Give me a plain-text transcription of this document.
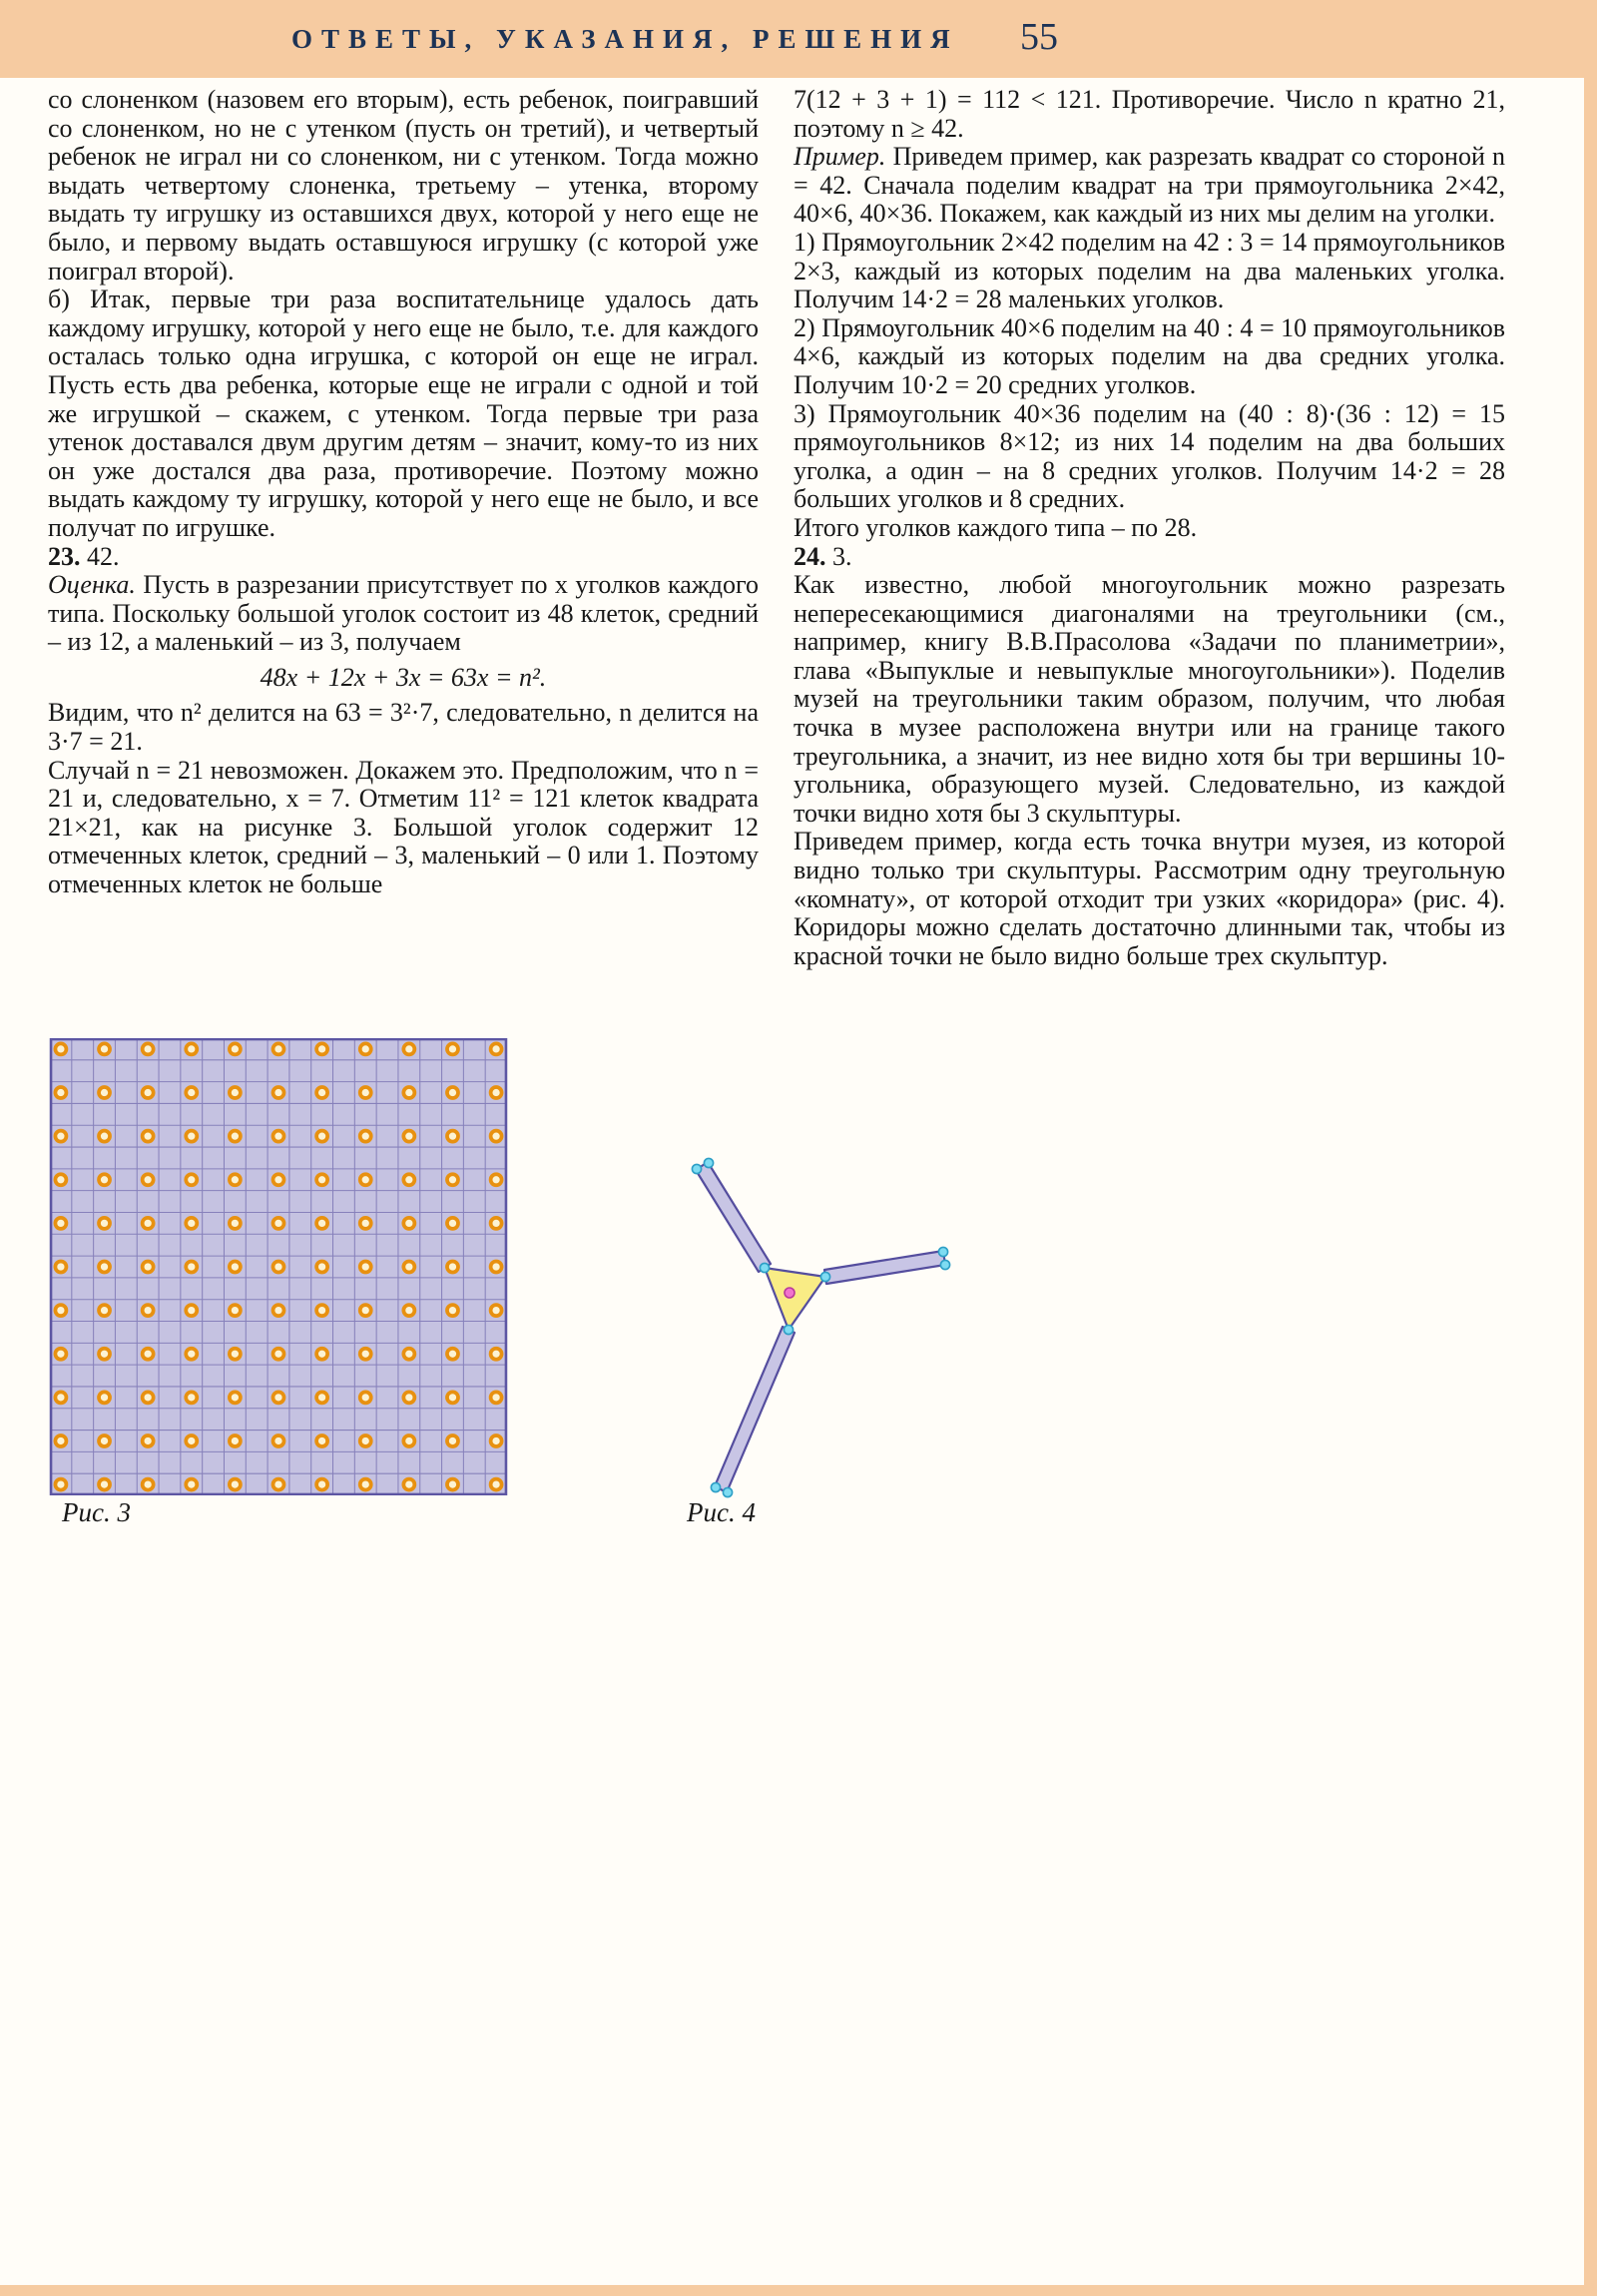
ОТВЕТЫ, УКАЗАНИЯ, РЕШЕНИЯ 55

со слоненком (назовем его вторым), есть ребенок, поигравший со слоненком, но не с утенком (пусть он третий), и четвертый ребенок не играл ни со слоненком, ни с утенком. Тогда можно выдать четвертому слоненка, третьему – утенка, второму выдать ту игрушку из оставшихся двух, которой у него еще не было, и первому выдать оставшуюся игрушку (с которой уже поиграл второй).

б) Итак, первые три раза воспитательнице удалось дать каждому игрушку, которой у него еще не было, т.е. для каждого осталась только одна игрушка, с которой он еще не играл. Пусть есть два ребенка, которые еще не играли с одной и той же игрушкой – скажем, с утенком. Тогда первые три раза утенок доставался двум другим детям – значит, кому-то из них он уже достался два раза, противоречие. Поэтому можно выдать каждому ту игрушку, которой у него еще не было, и все получат по игрушке.

23. 42.

Оценка. Пусть в разрезании присутствует по x уголков каждого типа. Поскольку большой уголок состоит из 48 клеток, средний – из 12, а маленький – из 3, получаем

48x + 12x + 3x = 63x = n².

Видим, что n² делится на 63 = 3²·7, следовательно, n делится на 3·7 = 21.

Случай n = 21 невозможен. Докажем это. Предположим, что n = 21 и, следовательно, x = 7. Отметим 11² = 121 клеток квадрата 21×21, как на рисунке 3. Большой уголок содержит 12 отмеченных клеток, средний – 3, маленький – 0 или 1. Поэтому отмеченных клеток не больше

7(12 + 3 + 1) = 112 < 121. Противоречие. Число n кратно 21, поэтому n ≥ 42.

Пример. Приведем пример, как разрезать квадрат со стороной n = 42. Сначала поделим квадрат на три прямоугольника 2×42, 40×6, 40×36. Покажем, как каждый из них мы делим на уголки.

1) Прямоугольник 2×42 поделим на 42 : 3 = 14 прямоугольников 2×3, каждый из которых поделим на два маленьких уголка. Получим 14·2 = 28 маленьких уголков.

2) Прямоугольник 40×6 поделим на 40 : 4 = 10 прямоугольников 4×6, каждый из которых поделим на два средних уголка. Получим 10·2 = 20 средних уголков.

3) Прямоугольник 40×36 поделим на (40 : 8)·(36 : 12) = 15 прямоугольников 8×12; из них 14 поделим на два больших уголка, а один – на 8 средних уголков. Получим 14·2 = 28 больших уголков и 8 средних.

Итого уголков каждого типа – по 28.

24. 3.

Как известно, любой многоугольник можно разрезать непересекающимися диагоналями на треугольники (см., например, книгу В.В.Прасолова «Задачи по планиметрии», глава «Выпуклые и невыпуклые многоугольники»). Поделив музей на треугольники таким образом, получим, что любая точка в музее расположена внутри или на границе такого треугольника, а значит, из нее видно хотя бы три вершины 10-угольника, образующего музей. Следовательно, из каждой точки видно хотя бы 3 скульптуры.

Приведем пример, когда есть точка внутри музея, из которой видно только три скульптуры. Рассмотрим одну треугольную «комнату», от которой отходит три узких «коридора» (рис. 4). Коридоры можно сделать достаточно длинными так, чтобы из красной точки не было видно больше трех скульптур.

Рис. 3	Рис. 4
